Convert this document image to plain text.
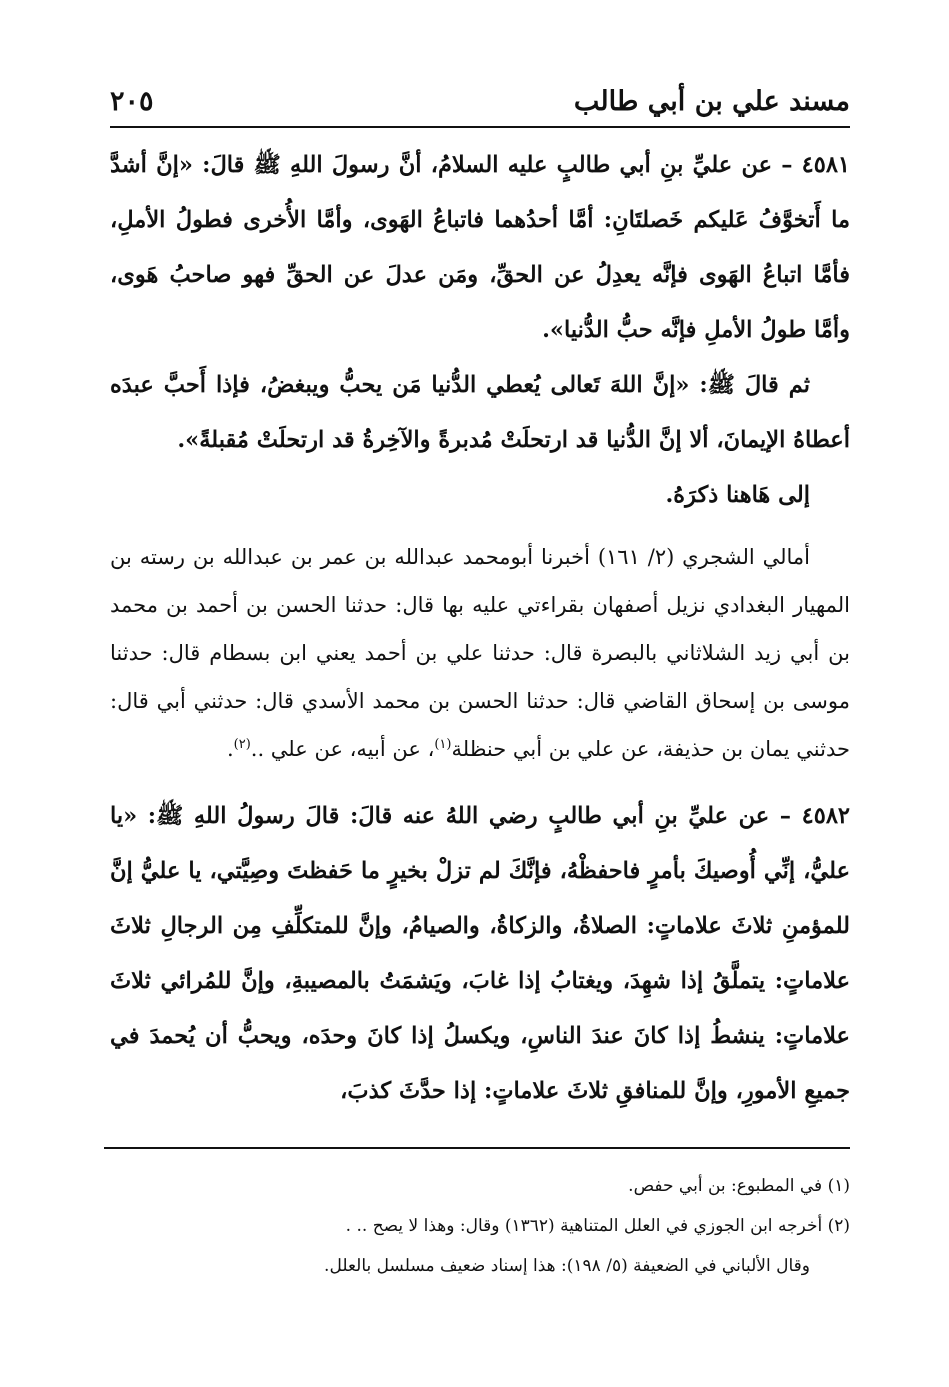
مسند علي بن أبي طالب
٢٠٥

٤٥٨١ – عن عليِّ بنِ أبي طالبٍ عليه السلامُ، أنَّ رسولَ اللهِ ﷺ قالَ: «إنَّ أشدَّ ما أَتخوَّفُ عَليكم خَصلتَانِ: أمَّا أحدُهما فاتباعُ الهَوى، وأمَّا الأُخرى فطولُ الأملِ، فأمَّا اتباعُ الهَوى فإنَّه يعدِلُ عن الحقِّ، ومَن عدلَ عن الحقِّ فهو صاحبُ هَوى، وأمَّا طولُ الأملِ فإنَّه حبُّ الدُّنيا».

ثم قالَ ﷺ: «إنَّ اللهَ تَعالى يُعطي الدُّنيا مَن يحبُّ ويبغضُ، فإذا أَحبَّ عبدَه أعطاهُ الإيمانَ، ألا إنَّ الدُّنيا قد ارتحلَتْ مُدبرةً والآخِرةُ قد ارتحلَتْ مُقبلةً».

إلى هَاهنا ذكرَهُ.

أمالي الشجري (٢/ ١٦١) أخبرنا أبومحمد عبدالله بن عمر بن عبدالله بن رسته بن المهيار البغدادي نزيل أصفهان بقراءتي عليه بها قال: حدثنا الحسن بن أحمد بن محمد بن أبي زيد الشلاثاني بالبصرة قال: حدثنا علي بن أحمد يعني ابن بسطام قال: حدثنا موسى بن إسحاق القاضي قال: حدثنا الحسن بن محمد الأسدي قال: حدثني أبي قال: حدثني يمان بن حذيفة، عن علي بن أبي حنظلة$^{(١)}$، عن أبيه، عن علي ..$^{(٢)}$.

٤٥٨٢ – عن عليِّ بنِ أبي طالبٍ رضي اللهُ عنه قالَ: قالَ رسولُ اللهِ ﷺ: «يا عليُّ، إنِّي أُوصيكَ بأمرٍ فاحفظْهُ، فإنَّكَ لم تزلْ بخيرٍ ما حَفظتَ وصِيَّتي، يا عليُّ إنَّ للمؤمنِ ثلاثَ علاماتٍ: الصلاةُ، والزكاةُ، والصيامُ، وإنَّ للمتكلِّفِ مِن الرجالِ ثلاثَ علاماتٍ: يتملَّقُ إذا شهِدَ، ويغتابُ إذا غابَ، ويَشمَتُ بالمصيبةِ، وإنَّ للمُرائي ثلاثَ علاماتٍ: ينشطُ إذا كانَ عندَ الناسِ، ويكسلُ إذا كانَ وحدَه، ويحبُّ أن يُحمدَ في جميعِ الأمورِ، وإنَّ للمنافقِ ثلاثَ علاماتٍ: إذا حدَّثَ كذبَ،

(١) في المطبوع: بن أبي حفص.

(٢) أخرجه ابن الجوزي في العلل المتناهية (١٣٦٢) وقال: وهذا لا يصح .. .

وقال الألباني في الضعيفة (٥/ ١٩٨): هذا إسناد ضعيف مسلسل بالعلل.
